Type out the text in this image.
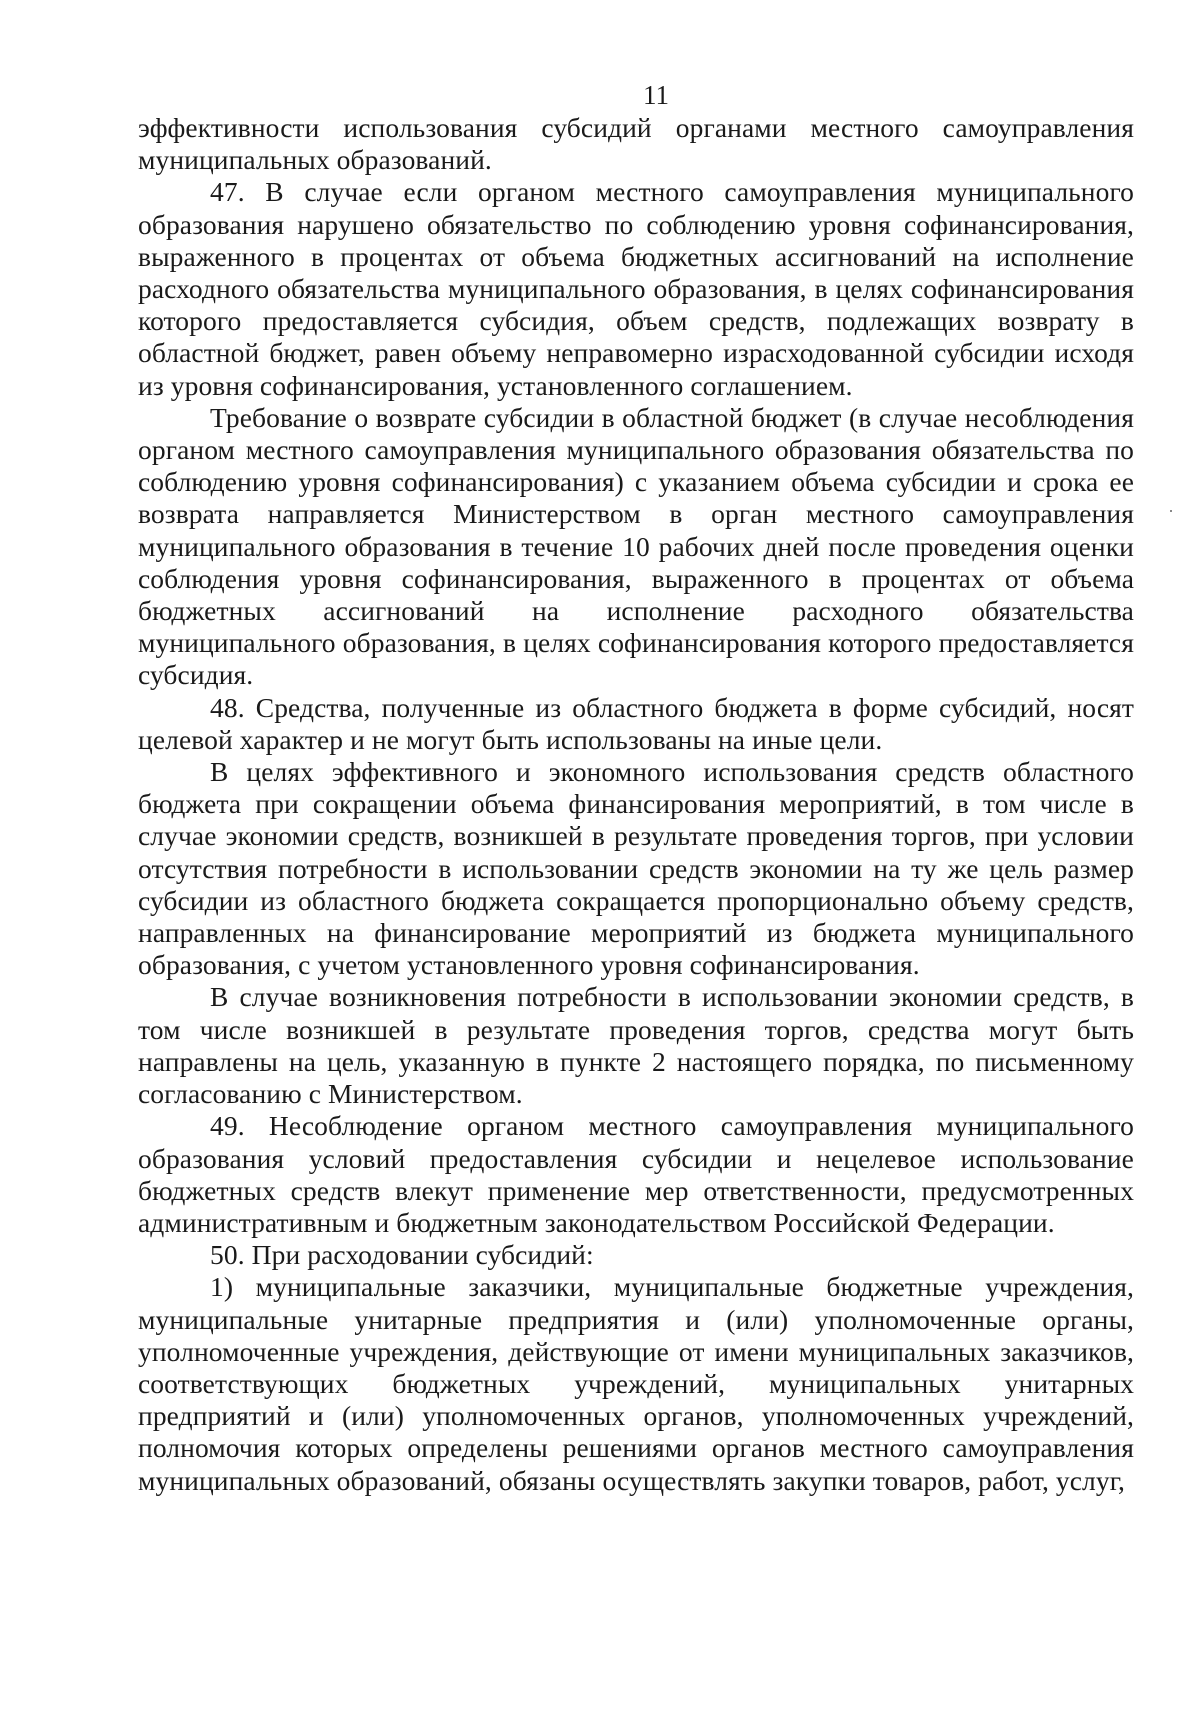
11

эффективности использования субсидий органами местного самоуправления муниципальных образований.

47. В случае если органом местного самоуправления муниципального образования нарушено обязательство по соблюдению уровня софинансирования, выраженного в процентах от объема бюджетных ассигнований на исполнение расходного обязательства муниципального образования, в целях софинансирования которого предоставляется субсидия, объем средств, подлежащих возврату в областной бюджет, равен объему неправомерно израсходованной субсидии исходя из уровня софинансирования, установленного соглашением.

Требование о возврате субсидии в областной бюджет (в случае несоблюдения органом местного самоуправления муниципального образования обязательства по соблюдению уровня софинансирования) с указанием объема субсидии и срока ее возврата направляется Министерством в орган местного самоуправления муниципального образования в течение 10 рабочих дней после проведения оценки соблюдения уровня софинансирования, выраженного в процентах от объема бюджетных ассигнований на исполнение расходного обязательства муниципального образования, в целях софинансирования которого предоставляется субсидия.

48. Средства, полученные из областного бюджета в форме субсидий, носят целевой характер и не могут быть использованы на иные цели.

В целях эффективного и экономного использования средств областного бюджета при сокращении объема финансирования мероприятий, в том числе в случае экономии средств, возникшей в результате проведения торгов, при условии отсутствия потребности в использовании средств экономии на ту же цель размер субсидии из областного бюджета сокращается пропорционально объему средств, направленных на финансирование мероприятий из бюджета муниципального образования, с учетом установленного уровня софинансирования.

В случае возникновения потребности в использовании экономии средств, в том числе возникшей в результате проведения торгов, средства могут быть направлены на цель, указанную в пункте 2 настоящего порядка, по письменному согласованию с Министерством.

49. Несоблюдение органом местного самоуправления муниципального образования условий предоставления субсидии и нецелевое использование бюджетных средств влекут применение мер ответственности, предусмотренных административным и бюджетным законодательством Российской Федерации.

50. При расходовании субсидий:

1) муниципальные заказчики, муниципальные бюджетные учреждения, муниципальные унитарные предприятия и (или) уполномоченные органы, уполномоченные учреждения, действующие от имени муниципальных заказчиков, соответствующих бюджетных учреждений, муниципальных унитарных предприятий и (или) уполномоченных органов, уполномоченных учреждений, полномочия которых определены решениями органов местного самоуправления муниципальных образований, обязаны осуществлять закупки товаров, работ, услуг,
